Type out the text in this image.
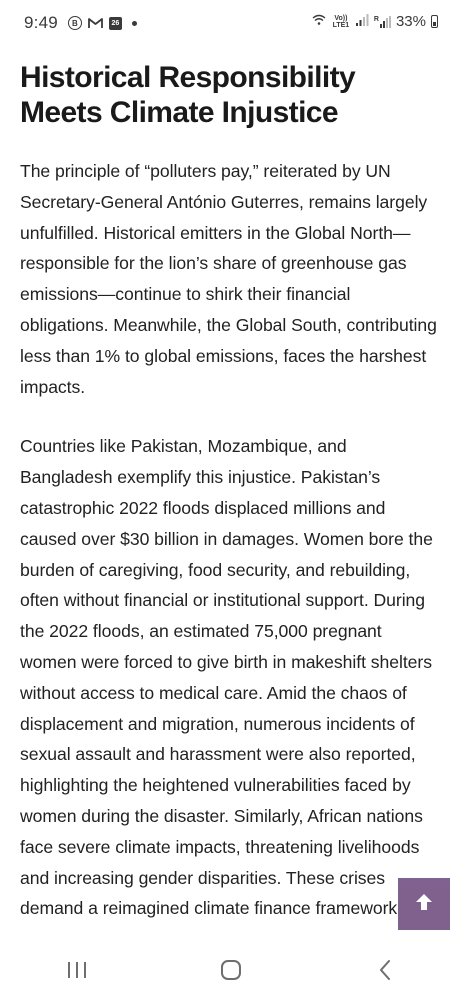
9:49 B	26
Vo))
LTE1
R 33%
Historical Responsibility Meets Climate Injustice

The principle of “polluters pay,” reiterated by UN Secretary-General António Guterres, remains largely unfulfilled. Historical emitters in the Global North—responsible for the lion’s share of greenhouse gas emissions—continue to shirk their financial obligations. Meanwhile, the Global South, contributing less than 1% to global emissions, faces the harshest impacts.

Countries like Pakistan, Mozambique, and Bangladesh exemplify this injustice. Pakistan’s catastrophic 2022 floods displaced millions and caused over $30 billion in damages. Women bore the burden of caregiving, food security, and rebuilding, often without financial or institutional support. During the 2022 floods, an estimated 75,000 pregnant women were forced to give birth in makeshift shelters without access to medical care. Amid the chaos of displacement and migration, numerous incidents of sexual assault and harassment were also reported, highlighting the heightened vulnerabilities faced by women during the disaster. Similarly, African nations face severe climate impacts, threatening livelihoods and increasing gender disparities. These crises demand a reimagined climate finance framework
